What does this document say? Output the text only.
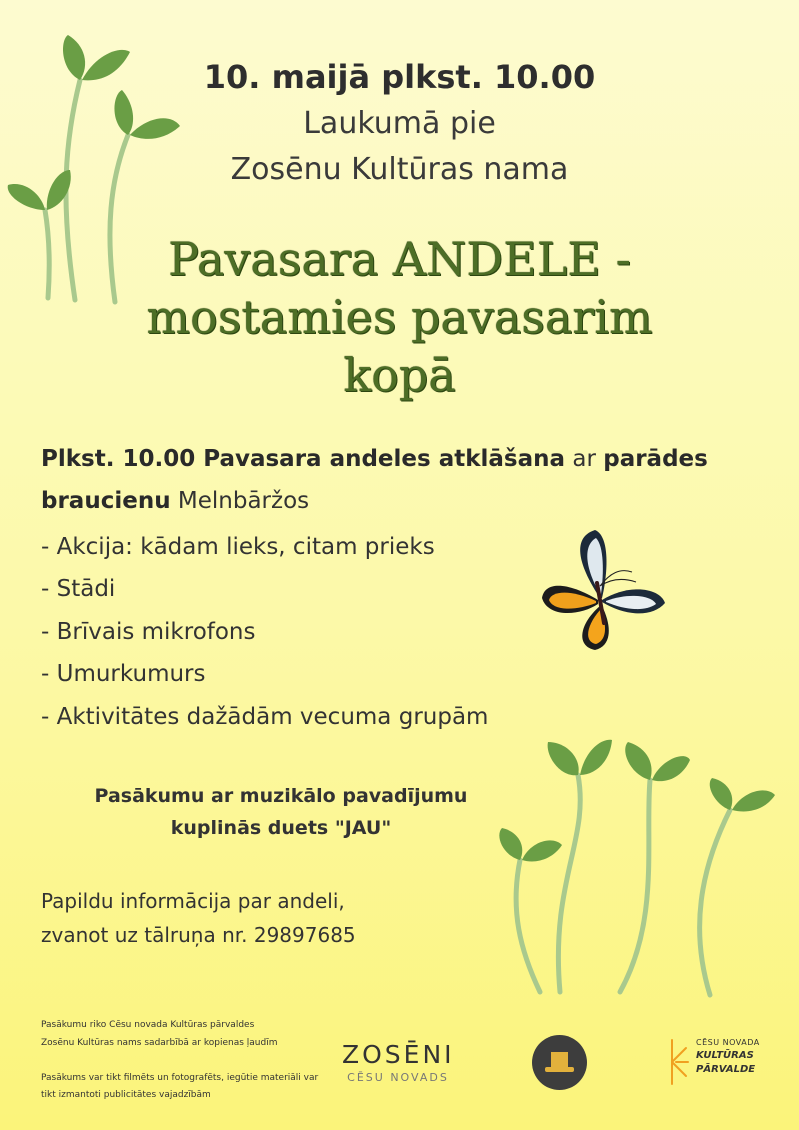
10. maijā plkst. 10.00
Laukumā pie
Zosēnu Kultūras nama
Pavasara ANDELE -
mostamies pavasarim
kopā
Plkst. 10.00 Pavasara andeles atklāšana ar parādes
braucienu Melnbāržos
- Akcija: kādam lieks, citam prieks
- Stādi
- Brīvais mikrofons
- Umurkumurs
- Aktivitātes dažādām vecuma grupām
Pasākumu ar muzikālo pavadījumu
kuplinās duets "JAU"
Papildu informācija par andeli,
zvanot uz tālruņa nr. 29897685
Pasākumu riko Cēsu novada Kultūras pārvaldes
Zosēnu Kultūras nams sadarbībā ar kopienas ļaudīm
Pasākums var tikt filmēts un fotografēts, iegūtie materiāli var
tikt izmantoti publicitātes vajadzībām
ZOSĒNI
CĒSU NOVADS
CĒSU NOVADA
KULTŪRAS
PĀRVALDE
